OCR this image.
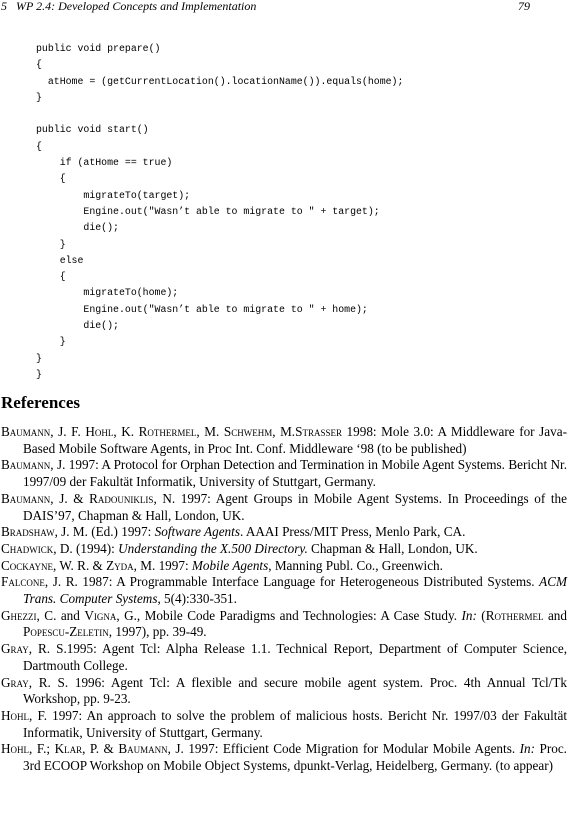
5   WP 2.4: Developed Concepts and Implementation	79
public void prepare()
{
atHome = (getCurrentLocation().locationName()).equals(home);
}
public void start()
{
if (atHome == true)
{
migrateTo(target);
Engine.out("Wasn’t able to migrate to " + target);
die();
}
else
{
migrateTo(home);
Engine.out("Wasn’t able to migrate to " + home);
die();
}
}
}
References
Baumann, J. F. Hohl, K. Rothermel, M. Schwehm, M.Straßer 1998: Mole 3.0: A Middleware for Java-Based Mobile Software Agents, in Proc Int. Conf. Middleware ‘98 (to be published)
Baumann, J. 1997: A Protocol for Orphan Detection and Termination in Mobile Agent Systems. Bericht Nr. 1997/09 der Fakultät Informatik, University of Stuttgart, Germany.
Baumann, J. & Radouniklis, N. 1997: Agent Groups in Mobile Agent Systems. In Proceedings of the DAIS’97, Chapman & Hall, London, UK.
Bradshaw, J. M. (Ed.) 1997: Software Agents. AAAI Press/MIT Press, Menlo Park, CA.
Chadwick, D. (1994): Understanding the X.500 Directory. Chapman & Hall, London, UK.
Cockayne, W. R. & Zyda, M. 1997: Mobile Agents, Manning Publ. Co., Greenwich.
Falcone, J. R. 1987: A Programmable Interface Language for Heterogeneous Distributed Systems. ACM Trans. Computer Systems, 5(4):330-351.
Ghezzi, C. and Vigna, G., Mobile Code Paradigms and Technologies: A Case Study. In: (Rothermel and Popescu-Zeletin, 1997), pp. 39-49.
Gray, R. S.1995: Agent Tcl: Alpha Release 1.1. Technical Report, Department of Computer Science, Dartmouth College.
Gray, R. S. 1996: Agent Tcl: A flexible and secure mobile agent system. Proc. 4th Annual Tcl/Tk Workshop, pp. 9-23.
Hohl, F. 1997: An approach to solve the problem of malicious hosts. Bericht Nr. 1997/03 der Fakultät Informatik, University of Stuttgart, Germany.
Hohl, F.; Klar, P. & Baumann, J. 1997: Efficient Code Migration for Modular Mobile Agents. In: Proc. 3rd ECOOP Workshop on Mobile Object Systems, dpunkt-Verlag, Heidelberg, Germany. (to appear)
